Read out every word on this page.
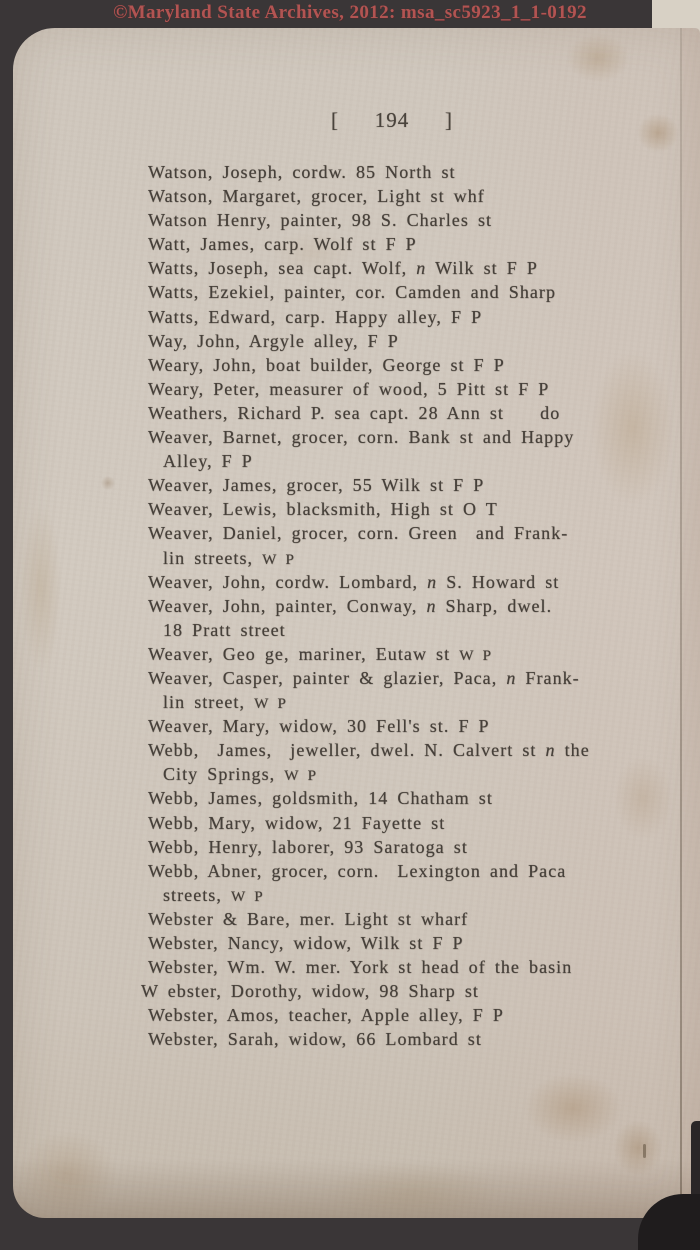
©Maryland State Archives, 2012: msa_sc5923_1_1-0192
[ 194 ]
Watson, Joseph, cordw. 85 North st
Watson, Margaret, grocer, Light st whf
Watson Henry, painter, 98 S. Charles st
Watt, James, carp. Wolf st F P
Watts, Joseph, sea capt. Wolf, n Wilk st F P
Watts, Ezekiel, painter, cor. Camden and Sharp
Watts, Edward, carp. Happy alley, F P
Way, John, Argyle alley, F P
Weary, John, boat builder, George st F P
Weary, Peter, measurer of wood, 5 Pitt st F P
Weathers, Richard P. sea capt. 28 Ann st    do
Weaver, Barnet, grocer, corn. Bank st and Happy
Alley, F P
Weaver, James, grocer, 55 Wilk st F P
Weaver, Lewis, blacksmith, High st O T
Weaver, Daniel, grocer, corn. Green  and Frank-
lin streets, W P
Weaver, John, cordw. Lombard, n S. Howard st
Weaver, John, painter, Conway, n Sharp, dwel.
18 Pratt street
Weaver, Geo ge, mariner, Eutaw st W P
Weaver, Casper, painter & glazier, Paca, n Frank-
lin street, W P
Weaver, Mary, widow, 30 Fell's st. F P
Webb,  James,  jeweller, dwel. N. Calvert st n the
City Springs, W P
Webb, James, goldsmith, 14 Chatham st
Webb, Mary, widow, 21 Fayette st
Webb, Henry, laborer, 93 Saratoga st
Webb, Abner, grocer, corn.  Lexington and Paca
streets, W P
Webster & Bare, mer. Light st wharf
Webster, Nancy, widow, Wilk st F P
Webster, Wm. W. mer. York st head of the basin
W ebster, Dorothy, widow, 98 Sharp st
Webster, Amos, teacher, Apple alley, F P
Webster, Sarah, widow, 66 Lombard st
